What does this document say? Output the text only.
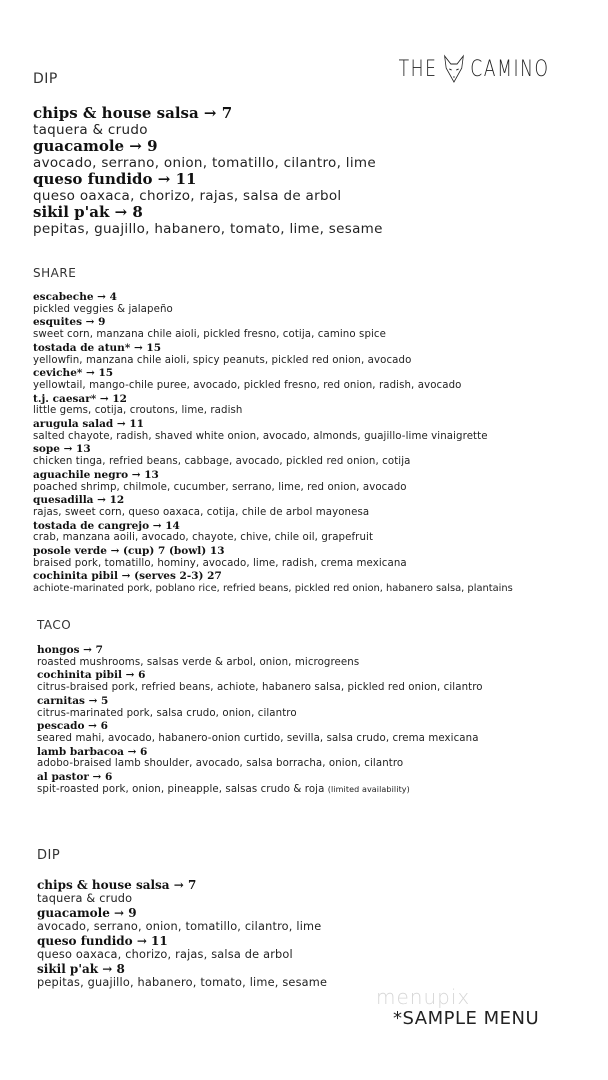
THE CAMINO
DIP
chips & house salsa → 7
taquera & crudo
guacamole → 9
avocado, serrano, onion, tomatillo, cilantro, lime
queso fundido → 11
queso oaxaca, chorizo, rajas, salsa de arbol
sikil p'ak → 8
pepitas, guajillo, habanero, tomato, lime, sesame
SHARE
escabeche → 4
pickled veggies & jalapeño
esquites → 9
sweet corn, manzana chile aioli, pickled fresno, cotija, camino spice
tostada de atun* → 15
yellowfin, manzana chile aioli, spicy peanuts, pickled red onion, avocado
ceviche* → 15
yellowtail, mango-chile puree, avocado, pickled fresno, red onion, radish, avocado
t.j. caesar* → 12
little gems, cotija, croutons, lime, radish
arugula salad → 11
salted chayote, radish, shaved white onion, avocado, almonds, guajillo-lime vinaigrette
sope → 13
chicken tinga, refried beans, cabbage, avocado, pickled red onion, cotija
aguachile negro → 13
poached shrimp, chilmole, cucumber, serrano, lime, red onion, avocado
quesadilla → 12
rajas, sweet corn, queso oaxaca, cotija, chile de arbol mayonesa
tostada de cangrejo → 14
crab, manzana aoili, avocado, chayote, chive, chile oil, grapefruit
posole verde → (cup) 7 (bowl) 13
braised pork, tomatillo, hominy, avocado, lime, radish, crema mexicana
cochinita pibil → (serves 2-3) 27
achiote-marinated pork, poblano rice, refried beans, pickled red onion, habanero salsa, plantains
TACO
hongos → 7
roasted mushrooms, salsas verde & arbol, onion, microgreens
cochinita pibil → 6
citrus-braised pork, refried beans, achiote, habanero salsa, pickled red onion, cilantro
carnitas → 5
citrus-marinated pork, salsa crudo, onion, cilantro
pescado → 6
seared mahi, avocado, habanero-onion curtido, sevilla, salsa crudo, crema mexicana
lamb barbacoa → 6
adobo-braised lamb shoulder, avocado, salsa borracha, onion, cilantro
al pastor → 6
spit-roasted pork, onion, pineapple, salsas crudo & roja (limited availability)
DIP
chips & house salsa → 7
taquera & crudo
guacamole → 9
avocado, serrano, onion, tomatillo, cilantro, lime
queso fundido → 11
queso oaxaca, chorizo, rajas, salsa de arbol
sikil p'ak → 8
pepitas, guajillo, habanero, tomato, lime, sesame
menupix
*SAMPLE MENU
